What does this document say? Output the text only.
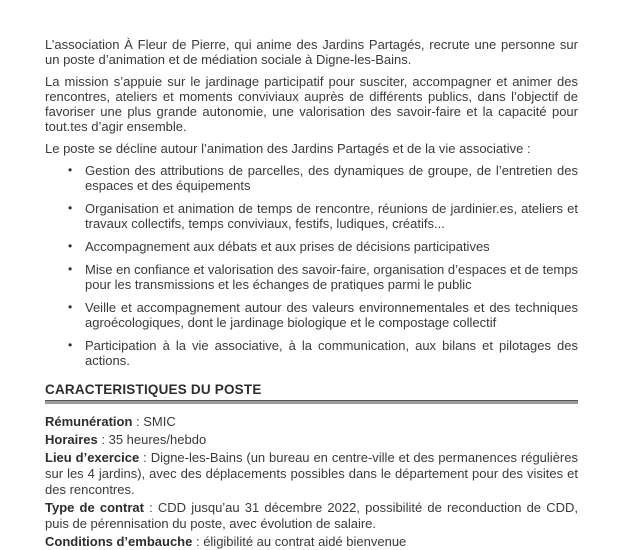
L’association À Fleur de Pierre, qui anime des Jardins Partagés, recrute une personne sur un poste d’animation et de médiation sociale à Digne-les-Bains.

La mission s’appuie sur le jardinage participatif pour susciter, accompagner et animer des rencontres, ateliers et moments conviviaux auprès de différents publics, dans l’objectif de favoriser une plus grande autonomie, une valorisation des savoir-faire et la capacité pour tout.tes d’agir ensemble.

Le poste se décline autour l’animation des Jardins Partagés et de la vie associative :

• Gestion des attributions de parcelles, des dynamiques de groupe, de l’entretien des espaces et des équipements
• Organisation et animation de temps de rencontre, réunions de jardinier.es, ateliers et travaux collectifs, temps conviviaux, festifs, ludiques, créatifs...
• Accompagnement aux débats et aux prises de décisions participatives
• Mise en confiance et valorisation des savoir-faire, organisation d’espaces et de temps pour les transmissions et les échanges de pratiques parmi le public
• Veille et accompagnement autour des valeurs environnementales et des techniques agroécologiques, dont le jardinage biologique et le compostage collectif
• Participation à la vie associative, à la communication, aux bilans et pilotages des actions.
CARACTERISTIQUES DU POSTE

Rémunération : SMIC

Horaires : 35 heures/hebdo

Lieu d’exercice : Digne-les-Bains (un bureau en centre-ville et des permanences régulières sur les 4 jardins), avec des déplacements possibles dans le département pour des visites et des rencontres.

Type de contrat : CDD jusqu’au 31 décembre 2022, possibilité de reconduction de CDD, puis de pérennisation du poste, avec évolution de salaire.

Conditions d’embauche : éligibilité au contrat aidé bienvenue
